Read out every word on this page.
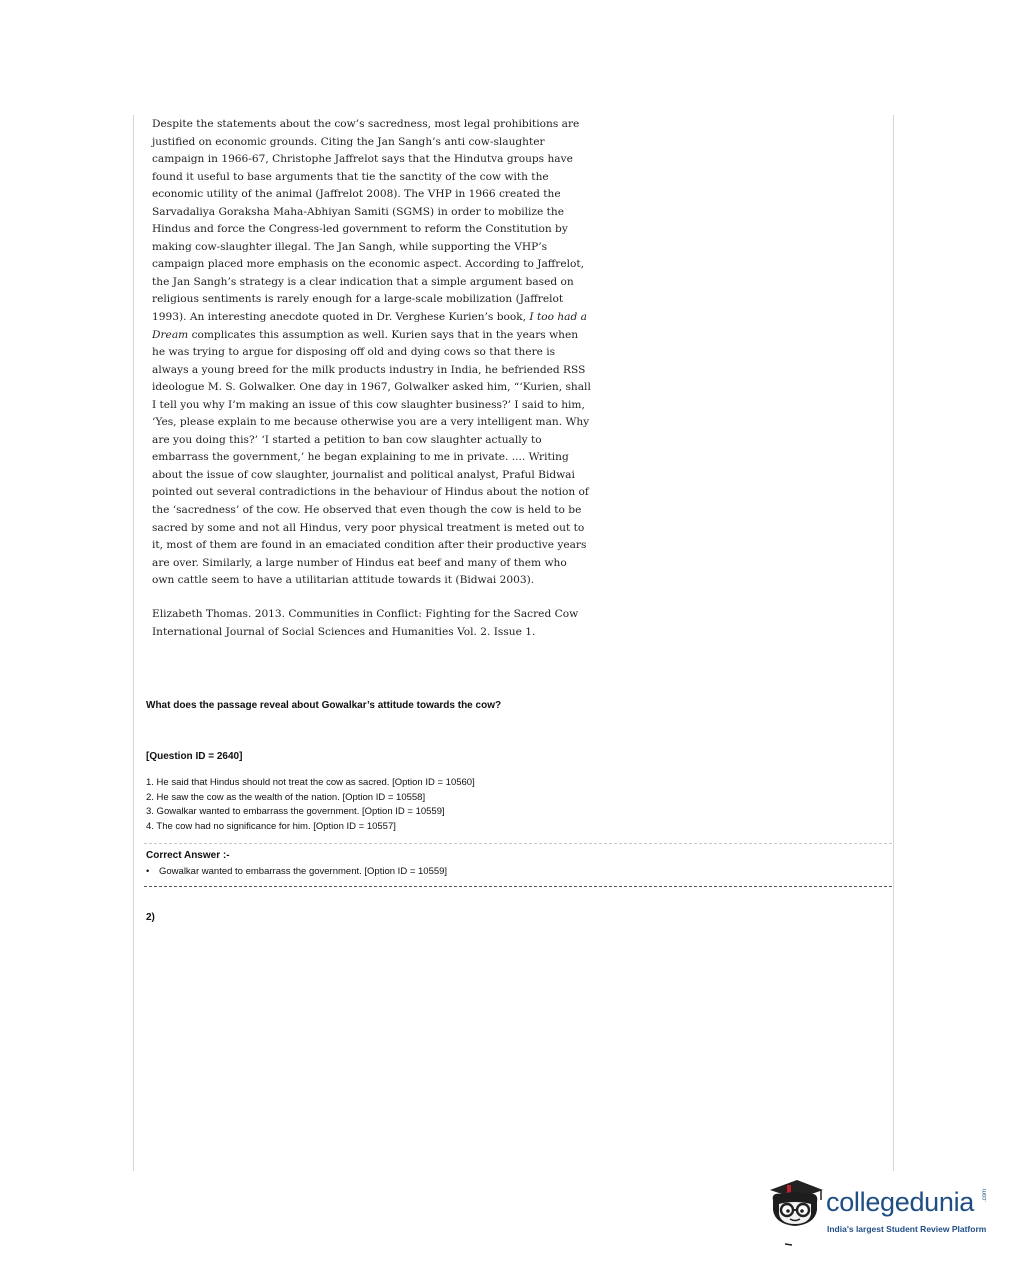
Despite the statements about the cow’s sacredness, most legal prohibitions are
justified on economic grounds. Citing the Jan Sangh’s anti cow-slaughter
campaign in 1966-67, Christophe Jaffrelot says that the Hindutva groups have
found it useful to base arguments that tie the sanctity of the cow with the
economic utility of the animal (Jaffrelot 2008). The VHP in 1966 created the
Sarvadaliya Goraksha Maha-Abhiyan Samiti (SGMS) in order to mobilize the
Hindus and force the Congress-led government to reform the Constitution by
making cow-slaughter illegal. The Jan Sangh, while supporting the VHP’s
campaign placed more emphasis on the economic aspect. According to Jaffrelot,
the Jan Sangh’s strategy is a clear indication that a simple argument based on
religious sentiments is rarely enough for a large-scale mobilization (Jaffrelot
1993). An interesting anecdote quoted in Dr. Verghese Kurien’s book, I too had a
Dream complicates this assumption as well. Kurien says that in the years when
he was trying to argue for disposing off old and dying cows so that there is
always a young breed for the milk products industry in India, he befriended RSS
ideologue M. S. Golwalker. One day in 1967, Golwalker asked him, “‘Kurien, shall
I tell you why I’m making an issue of this cow slaughter business?’ I said to him,
‘Yes, please explain to me because otherwise you are a very intelligent man. Why
are you doing this?’ ‘I started a petition to ban cow slaughter actually to
embarrass the government,’ he began explaining to me in private. .... Writing
about the issue of cow slaughter, journalist and political analyst, Praful Bidwai
pointed out several contradictions in the behaviour of Hindus about the notion of
the ‘sacredness’ of the cow. He observed that even though the cow is held to be
sacred by some and not all Hindus, very poor physical treatment is meted out to
it, most of them are found in an emaciated condition after their productive years
are over. Similarly, a large number of Hindus eat beef and many of them who
own cattle seem to have a utilitarian attitude towards it (Bidwai 2003).
Elizabeth Thomas. 2013. Communities in Conflict: Fighting for the Sacred Cow
International Journal of Social Sciences and Humanities Vol. 2. Issue 1.
What does the passage reveal about Gowalkar’s attitude towards the cow?
[Question ID = 2640]
1. He said that Hindus should not treat the cow as sacred. [Option ID = 10560]
2. He saw the cow as the wealth of the nation. [Option ID = 10558]
3. Gowalkar wanted to embarrass the government. [Option ID = 10559]
4. The cow had no significance for him. [Option ID = 10557]
Correct Answer :-
• Gowalkar wanted to embarrass the government. [Option ID = 10559]
2)
collegedunia .com
India's largest Student Review Platform
